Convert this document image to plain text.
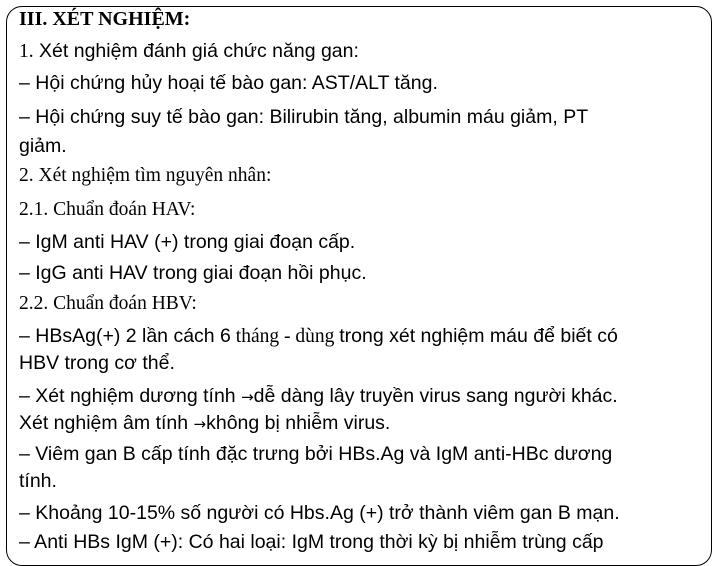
III. XÉT NGHIỆM:
1. Xét nghiệm đánh giá chức năng gan:
– Hội chứng hủy hoại tế bào gan: AST/ALT tăng.
– Hội chứng suy tế bào gan: Bilirubin tăng, albumin máu giảm, PT
giảm.
2. Xét nghiệm tìm nguyên nhân:
2.1. Chuẩn đoán HAV:
– IgM anti HAV (+) trong giai đoạn cấp.
– IgG anti HAV trong giai đoạn hồi phục.
2.2. Chuẩn đoán HBV:
– HBsAg(+) 2 lần cách 6 tháng - dùng trong xét nghiệm máu để biết có
HBV trong cơ thể.
– Xét nghiệm dương tính →dễ dàng lây truyền virus sang người khác.
Xét nghiệm âm tính →không bị nhiễm virus.
– Viêm gan B cấp tính đặc trưng bởi HBs.Ag và IgM anti-HBc dương
tính.
– Khoảng 10-15% số người có Hbs.Ag (+) trở thành viêm gan B mạn.
– Anti HBs IgM (+): Có hai loại: IgM trong thời kỳ bị nhiễm trùng cấp
